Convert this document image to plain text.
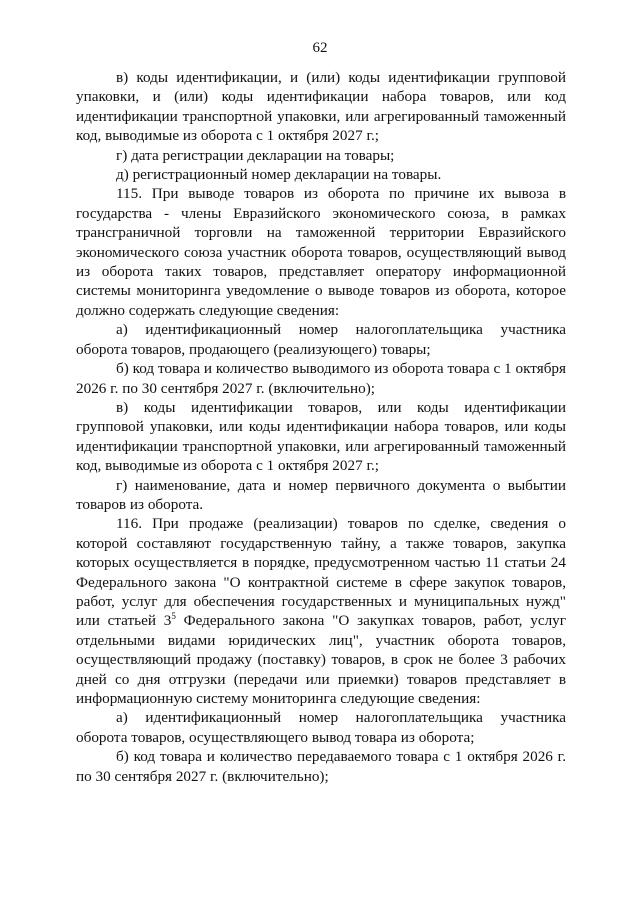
62

в) коды идентификации, и (или) коды идентификации групповой упаковки, и (или) коды идентификации набора товаров, или код идентификации транспортной упаковки, или агрегированный таможенный код, выводимые из оборота с 1 октября 2027 г.;

г) дата регистрации декларации на товары;

д) регистрационный номер декларации на товары.

115. При выводе товаров из оборота по причине их вывоза в государства - члены Евразийского экономического союза, в рамках трансграничной торговли на таможенной территории Евразийского экономического союза участник оборота товаров, осуществляющий вывод из оборота таких товаров, представляет оператору информационной системы мониторинга уведомление о выводе товаров из оборота, которое должно содержать следующие сведения:

а) идентификационный номер налогоплательщика участника оборота товаров, продающего (реализующего) товары;

б) код товара и количество выводимого из оборота товара с 1 октября 2026 г. по 30 сентября 2027 г. (включительно);

в) коды идентификации товаров, или коды идентификации групповой упаковки, или коды идентификации набора товаров, или коды идентификации транспортной упаковки, или агрегированный таможенный код, выводимые из оборота с 1 октября 2027 г.;

г) наименование, дата и номер первичного документа о выбытии товаров из оборота.

116. При продаже (реализации) товаров по сделке, сведения о которой составляют государственную тайну, а также товаров, закупка которых осуществляется в порядке, предусмотренном частью 11 статьи 24 Федерального закона "О контрактной системе в сфере закупок товаров, работ, услуг для обеспечения государственных и муниципальных нужд" или статьей $3^5$ Федерального закона "О закупках товаров, работ, услуг отдельными видами юридических лиц", участник оборота товаров, осуществляющий продажу (поставку) товаров, в срок не более 3 рабочих дней со дня отгрузки (передачи или приемки) товаров представляет в информационную систему мониторинга следующие сведения:

а) идентификационный номер налогоплательщика участника оборота товаров, осуществляющего вывод товара из оборота;

б) код товара и количество передаваемого товара с 1 октября 2026 г. по 30 сентября 2027 г. (включительно);
